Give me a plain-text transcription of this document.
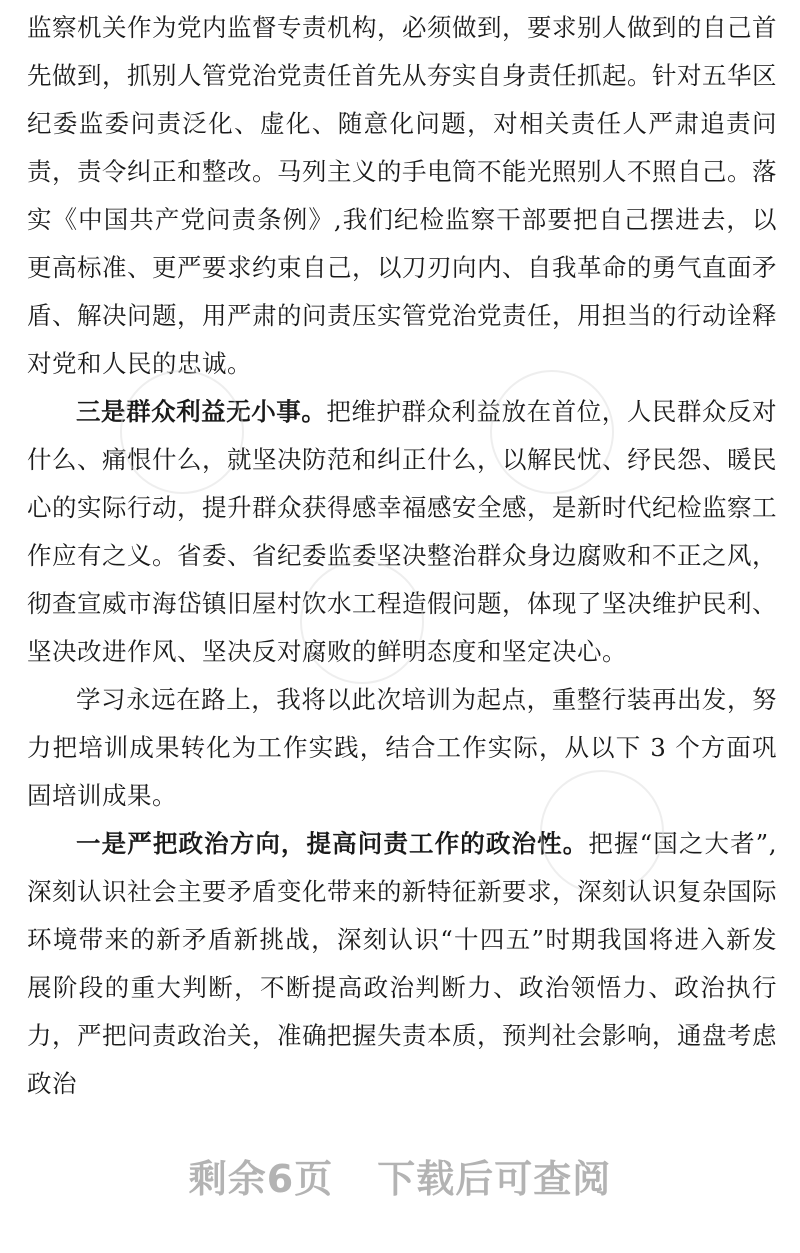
监察机关作为党内监督专责机构，必须做到，要求别人做到的自己首先做到，抓别人管党治党责任首先从夯实自身责任抓起。针对五华区纪委监委问责泛化、虚化、随意化问题，对相关责任人严肃追责问责，责令纠正和整改。马列主义的手电筒不能光照别人不照自己。落实《中国共产党问责条例》,我们纪检监察干部要把自己摆进去，以更高标准、更严要求约束自己，以刀刃向内、自我革命的勇气直面矛盾、解决问题，用严肃的问责压实管党治党责任，用担当的行动诠释对党和人民的忠诚。

三是群众利益无小事。把维护群众利益放在首位，人民群众反对什么、痛恨什么，就坚决防范和纠正什么，以解民忧、纾民怨、暖民心的实际行动，提升群众获得感幸福感安全感，是新时代纪检监察工作应有之义。省委、省纪委监委坚决整治群众身边腐败和不正之风，彻查宣威市海岱镇旧屋村饮水工程造假问题，体现了坚决维护民利、坚决改进作风、坚决反对腐败的鲜明态度和坚定决心。

学习永远在路上，我将以此次培训为起点，重整行装再出发，努力把培训成果转化为工作实践，结合工作实际，从以下 3 个方面巩固培训成果。

一是严把政治方向，提高问责工作的政治性。把握“国之大者”,深刻认识社会主要矛盾变化带来的新特征新要求，深刻认识复杂国际环境带来的新矛盾新挑战，深刻认识“十四五”时期我国将进入新发展阶段的重大判断，不断提高政治判断力、政治领悟力、政治执行力，严把问责政治关，准确把握失责本质，预判社会影响，通盘考虑政治

剩余6页 下载后可查阅
